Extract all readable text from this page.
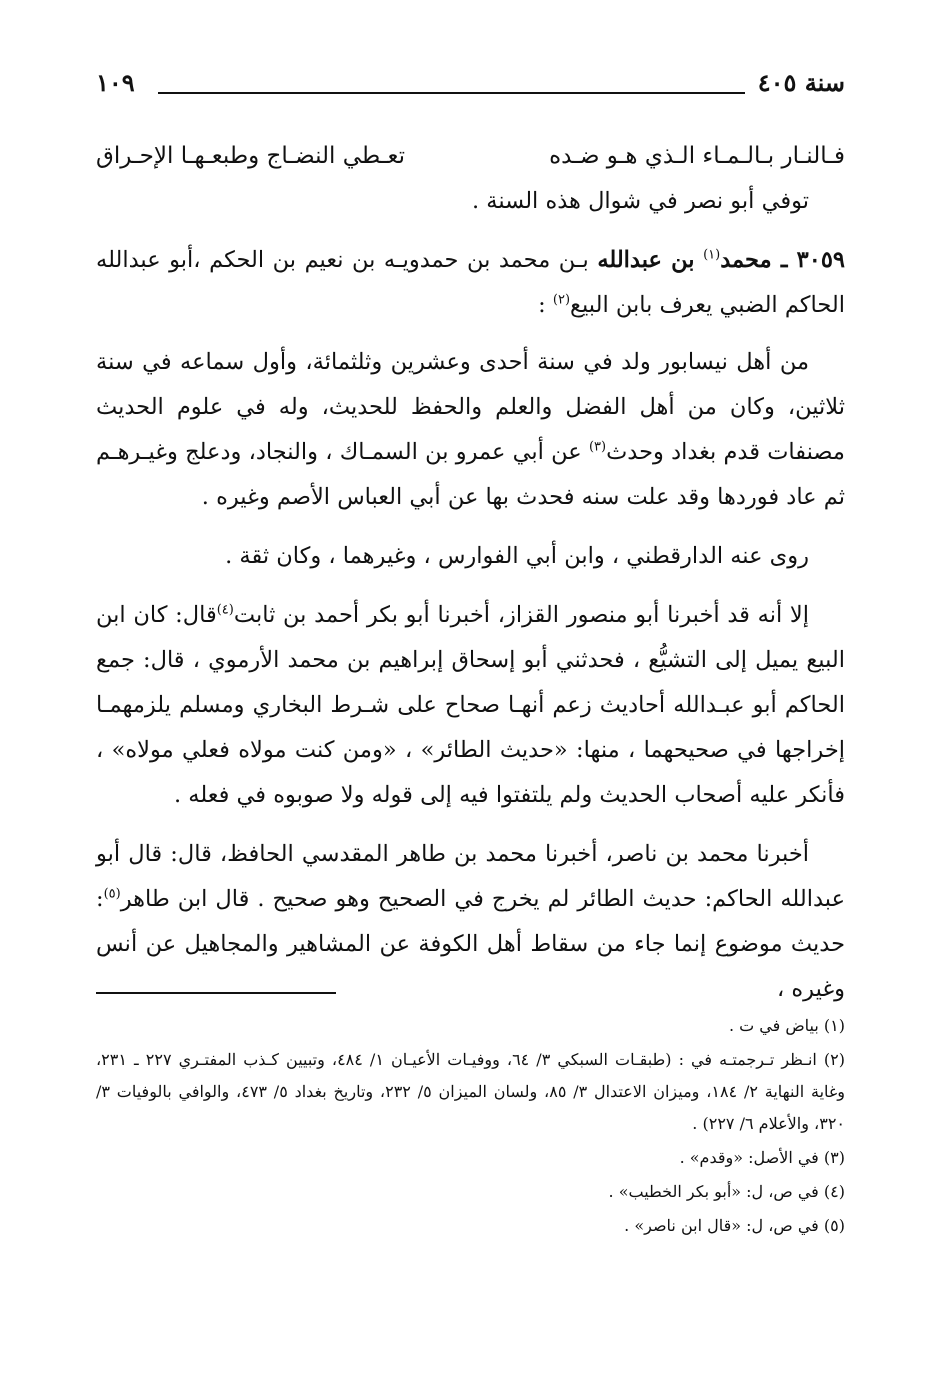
سنة ٤٠٥
١٠٩
فـالنـار بـالـمـاء الـذي هـو ضـده
تعـطي النضـاج وطبعـهـا الإحـراق

توفي أبو نصر في شوال هذه السنة .

٣٠٥٩ ـ محمد$^{(١)}$ بن عبدالله بـن محمد بن حمدويـه بن نعيم بن الحكم ،أبو عبدالله الحاكم الضبي يعرف بابن البيع$^{(٢)}$ :

من أهل نيسابور ولد في سنة أحدى وعشرين وثلثمائة، وأول سماعه في سنة ثلاثين، وكان من أهل الفضل والعلم والحفظ للحديث، وله في علوم الحديث مصنفات قدم بغداد وحدث$^{(٣)}$ عن أبي عمرو بن السمـاك ، والنجاد، ودعلج وغيـرهـم ثم عاد فوردها وقد علت سنه فحدث بها عن أبي العباس الأصم وغيره .

روى عنه الدارقطني ، وابن أبي الفوارس ، وغيرهما ، وكان ثقة .

إلا أنه قد أخبرنا أبو منصور القزاز، أخبرنا أبو بكر أحمد بن ثابت$^{(٤)}$قال: كان ابن البيع يميل إلى التشيُّع ، فحدثني أبو إسحاق إبراهيم بن محمد الأرموي ، قال: جمع الحاكم أبو عبـدالله أحاديث زعم أنهـا صحاح على شـرط البخاري ومسلم يلزمهمـا إخراجها في صحيحهما ، منها: «حديث الطائر» ، «ومن كنت مولاه فعلي مولاه» ، فأنكر عليه أصحاب الحديث ولم يلتفتوا فيه إلى قوله ولا صوبوه في فعله .

أخبرنا محمد بن ناصر، أخبرنا محمد بن طاهر المقدسي الحافظ، قال: قال أبو عبدالله الحاكم: حديث الطائر لم يخرج في الصحيح وهو صحيح . قال ابن طاهر$^{(٥)}$: حديث موضوع إنما جاء من سقاط أهل الكوفة عن المشاهير والمجاهيل عن أنس وغيره ،

(١) بياض في ت .

(٢) انـظر تـرجمتـه في : (طبقـات السبكي ٣/ ٦٤، ووفيـات الأعيـان ١/ ٤٨٤، وتبيين كـذب المفتـري ٢٢٧ ـ ٢٣١، وغاية النهاية ٢/ ١٨٤، وميزان الاعتدال ٣/ ٨٥، ولسان الميزان ٥/ ٢٣٢، وتاريخ بغداد ٥/ ٤٧٣، والوافي بالوفيات ٣/ ٣٢٠، والأعلام ٦/ ٢٢٧) .

(٣) في الأصل: «وقدم» .

(٤) في ص، ل: «أبو بكر الخطيب» .

(٥) في ص، ل: «قال ابن ناصر» .
